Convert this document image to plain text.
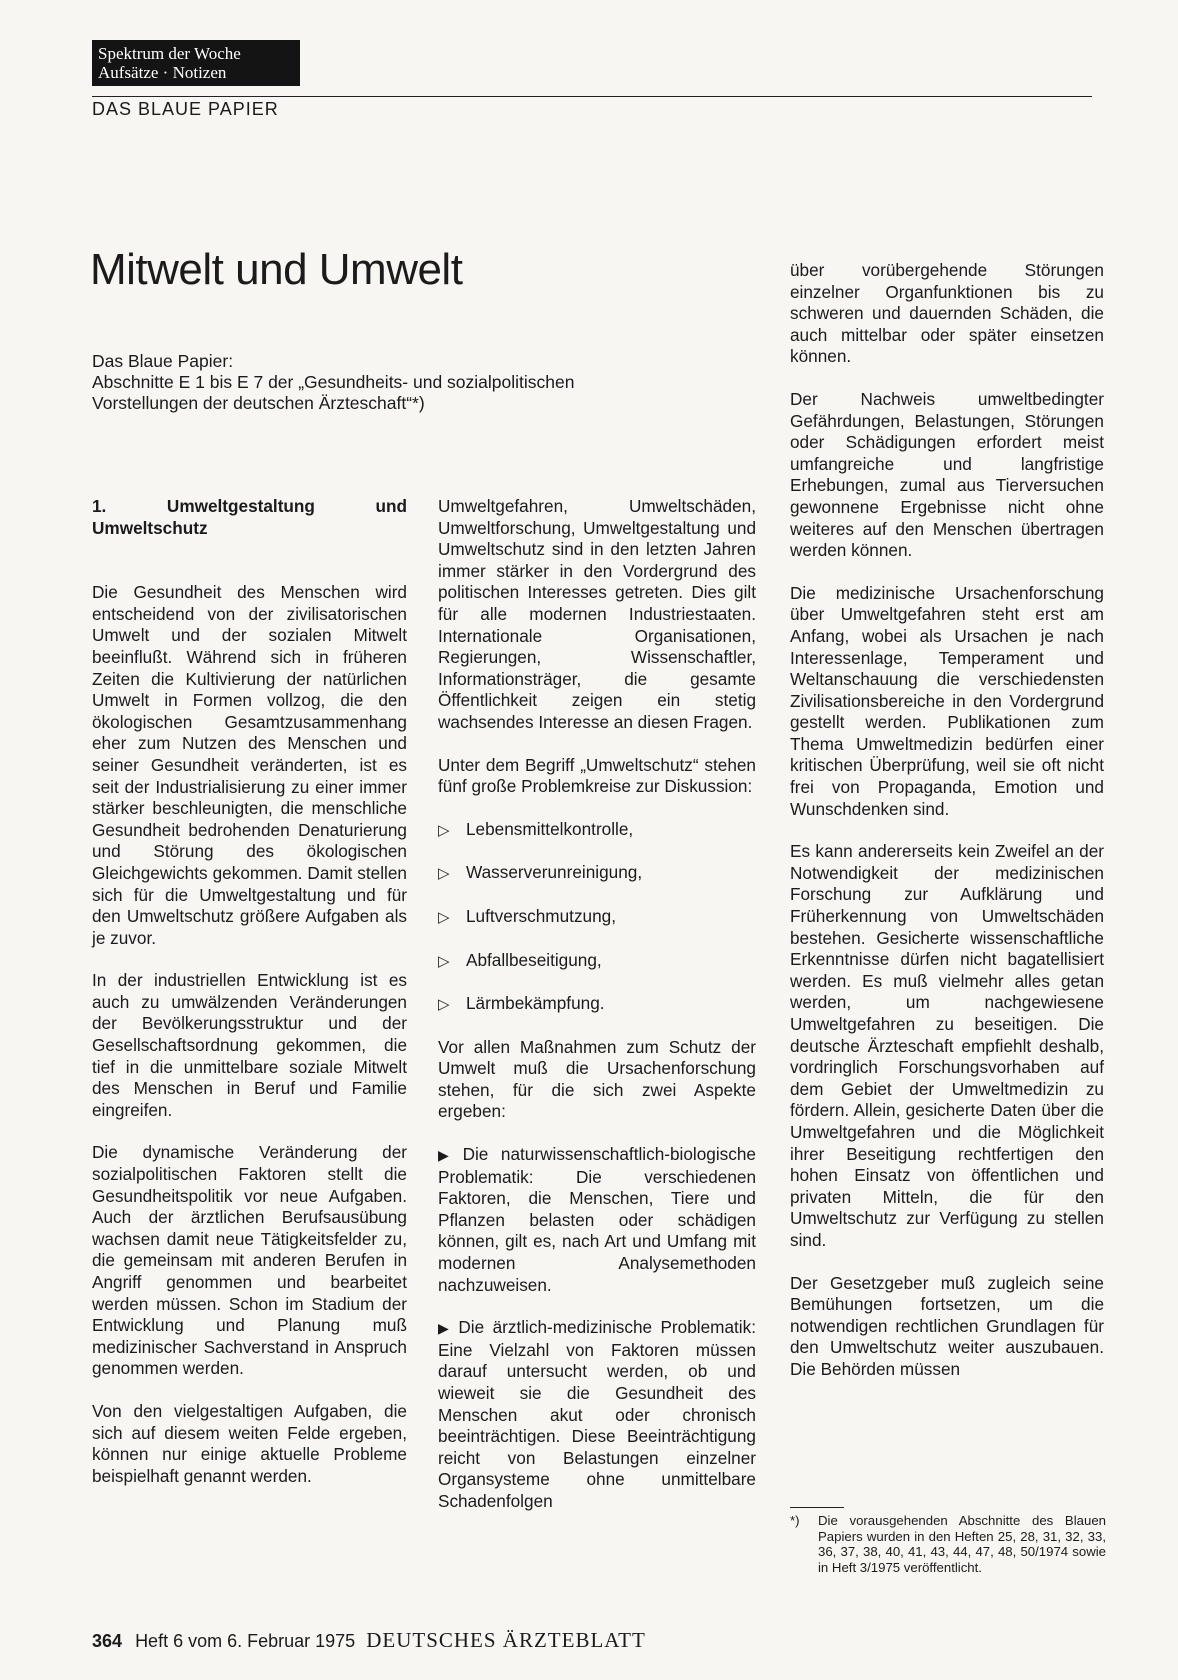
Spektrum der Woche
Aufsätze · Notizen
DAS BLAUE PAPIER
Mitwelt und Umwelt
Das Blaue Papier:
Abschnitte E 1 bis E 7 der „Gesundheits- und sozialpolitischen
Vorstellungen der deutschen Ärzteschaft“*)
1. Umweltgestaltung und Umweltschutz

Die Gesundheit des Menschen wird entscheidend von der zivilisatorischen Umwelt und der sozialen Mitwelt beeinflußt. Während sich in früheren Zeiten die Kultivierung der natürlichen Umwelt in Formen vollzog, die den ökologischen Gesamtzusammenhang eher zum Nutzen des Menschen und seiner Gesundheit veränderten, ist es seit der Industrialisierung zu einer immer stärker beschleunigten, die menschliche Gesundheit bedrohenden Denaturierung und Störung des ökologischen Gleichgewichts gekommen. Damit stellen sich für die Umweltgestaltung und für den Umweltschutz größere Aufgaben als je zuvor.

In der industriellen Entwicklung ist es auch zu umwälzenden Veränderungen der Bevölkerungsstruktur und der Gesellschaftsordnung gekommen, die tief in die unmittelbare soziale Mitwelt des Menschen in Beruf und Familie eingreifen.

Die dynamische Veränderung der sozialpolitischen Faktoren stellt die Gesundheitspolitik vor neue Aufgaben. Auch der ärztlichen Berufsausübung wachsen damit neue Tätigkeitsfelder zu, die gemeinsam mit anderen Berufen in Angriff genommen und bearbeitet werden müssen. Schon im Stadium der Entwicklung und Planung muß medizinischer Sachverstand in Anspruch genommen werden.

Von den vielgestaltigen Aufgaben, die sich auf diesem weiten Felde ergeben, können nur einige aktuelle Probleme beispielhaft genannt werden.

Umweltgefahren, Umweltschäden, Umweltforschung, Umweltgestaltung und Umweltschutz sind in den letzten Jahren immer stärker in den Vordergrund des politischen Interesses getreten. Dies gilt für alle modernen Industriestaaten. Internationale Organisationen, Regierungen, Wissenschaftler, Informationsträger, die gesamte Öffentlichkeit zeigen ein stetig wachsendes Interesse an diesen Fragen.

Unter dem Begriff „Umweltschutz“ stehen fünf große Problemkreise zur Diskussion:

▷ Lebensmittelkontrolle,
▷ Wasserverunreinigung,
▷ Luftverschmutzung,
▷ Abfallbeseitigung,
▷ Lärmbekämpfung.

Vor allen Maßnahmen zum Schutz der Umwelt muß die Ursachenforschung stehen, für die sich zwei Aspekte ergeben:

▶ Die naturwissenschaftlich-biologische Problematik: Die verschiedenen Faktoren, die Menschen, Tiere und Pflanzen belasten oder schädigen können, gilt es, nach Art und Umfang mit modernen Analysemethoden nachzuweisen.

▶ Die ärztlich-medizinische Problematik: Eine Vielzahl von Faktoren müssen darauf untersucht werden, ob und wieweit sie die Gesundheit des Menschen akut oder chronisch beeinträchtigen. Diese Beeinträchtigung reicht von Belastungen einzelner Organsysteme ohne unmittelbare Schadenfolgen

über vorübergehende Störungen einzelner Organfunktionen bis zu schweren und dauernden Schäden, die auch mittelbar oder später einsetzen können.

Der Nachweis umweltbedingter Gefährdungen, Belastungen, Störungen oder Schädigungen erfordert meist umfangreiche und langfristige Erhebungen, zumal aus Tierversuchen gewonnene Ergebnisse nicht ohne weiteres auf den Menschen übertragen werden können.

Die medizinische Ursachenforschung über Umweltgefahren steht erst am Anfang, wobei als Ursachen je nach Interessenlage, Temperament und Weltanschauung die verschiedensten Zivilisationsbereiche in den Vordergrund gestellt werden. Publikationen zum Thema Umweltmedizin bedürfen einer kritischen Überprüfung, weil sie oft nicht frei von Propaganda, Emotion und Wunschdenken sind.

Es kann andererseits kein Zweifel an der Notwendigkeit der medizinischen Forschung zur Aufklärung und Früherkennung von Umweltschäden bestehen. Gesicherte wissenschaftliche Erkenntnisse dürfen nicht bagatellisiert werden. Es muß vielmehr alles getan werden, um nachgewiesene Umweltgefahren zu beseitigen. Die deutsche Ärzteschaft empfiehlt deshalb, vordringlich Forschungsvorhaben auf dem Gebiet der Umweltmedizin zu fördern. Allein, gesicherte Daten über die Umweltgefahren und die Möglichkeit ihrer Beseitigung rechtfertigen den hohen Einsatz von öffentlichen und privaten Mitteln, die für den Umweltschutz zur Verfügung zu stellen sind.

Der Gesetzgeber muß zugleich seine Bemühungen fortsetzen, um die notwendigen rechtlichen Grundlagen für den Umweltschutz weiter auszubauen. Die Behörden müssen

*)	Die vorausgehenden Abschnitte des Blauen Papiers wurden in den Heften 25, 28, 31, 32, 33, 36, 37, 38, 40, 41, 43, 44, 47, 48, 50/1974 sowie in Heft 3/1975 veröffentlicht.
364 Heft 6 vom 6. Februar 1975 DEUTSCHES ÄRZTEBLATT
